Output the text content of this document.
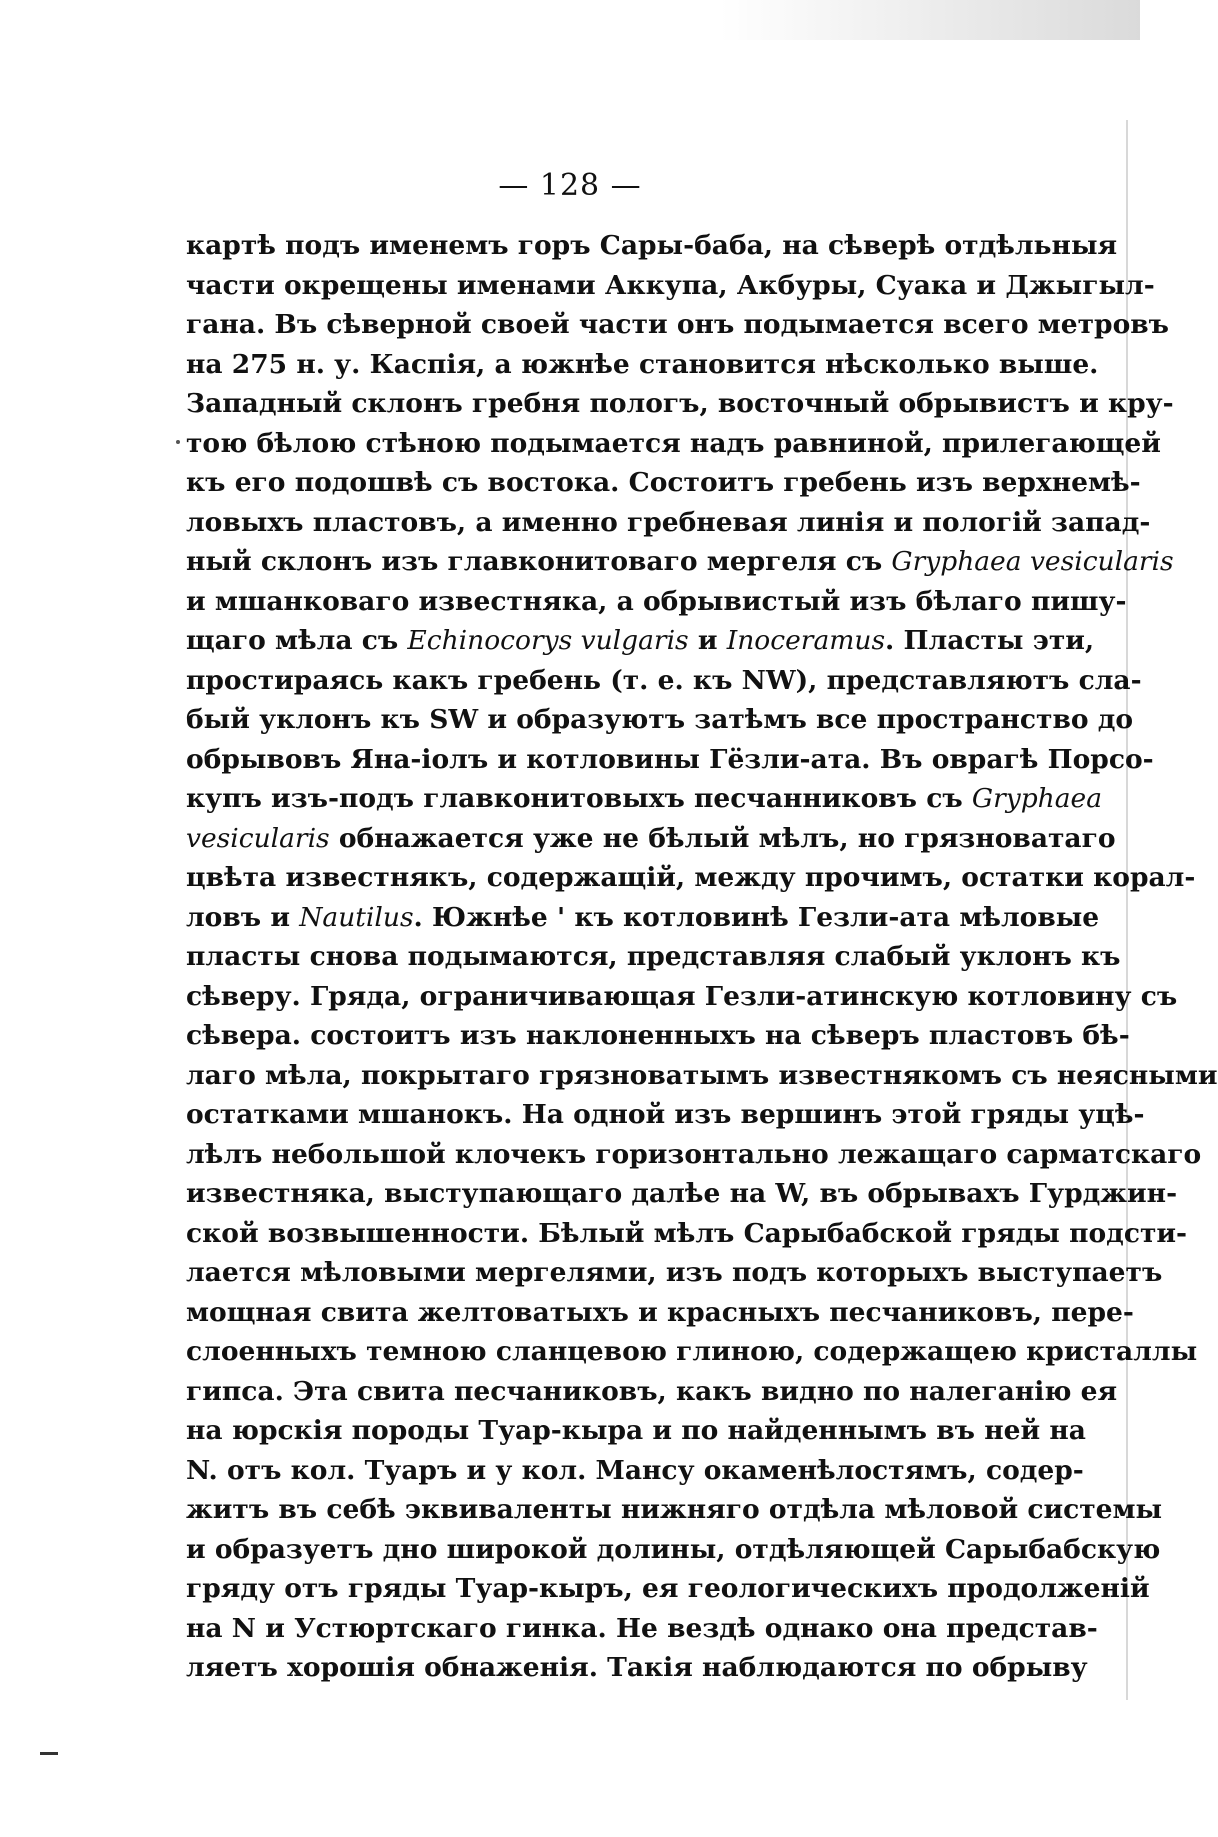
— 128 —
картѣ подъ именемъ горъ Сары-баба, на сѣверѣ отдѣльныя
части окрещены именами Аккупа, Акбуры, Суака и Джыгыл-
гана. Въ сѣверной своей части онъ подымается всего метровъ
на 275 н. у. Каспія, а южнѣе становится нѣсколько выше.
Западный склонъ гребня пологъ, восточный обрывистъ и кру-
тою бѣлою стѣною подымается надъ равниной, прилегающей
къ его подошвѣ съ востока. Состоитъ гребень изъ верхнемѣ-
ловыхъ пластовъ, а именно гребневая линія и пологій запад-
ный склонъ изъ главконитоваго мергеля съ Gryphaea vesicularis
и мшанковаго известняка, а обрывистый изъ бѣлаго пишу-
щаго мѣла съ Echinocorys vulgaris и Inoceramus. Пласты эти,
простираясь какъ гребень (т. е. къ NW), представляютъ сла-
бый уклонъ къ SW и образуютъ затѣмъ все пространство до
обрывовъ Яна-іолъ и котловины Гёзли-ата. Въ оврагѣ Порсо-
купъ изъ-подъ главконитовыхъ песчанниковъ съ Gryphaea
vesicularis обнажается уже не бѣлый мѣлъ, но грязноватаго
цвѣта известнякъ, содержащій, между прочимъ, остатки корал-
ловъ и Nautilus. Южнѣе ' къ котловинѣ Гезли-ата мѣловые
пласты снова подымаются, представляя слабый уклонъ къ
сѣверу. Гряда, ограничивающая Гезли-атинскую котловину съ
сѣвера. состоитъ изъ наклоненныхъ на сѣверъ пластовъ бѣ-
лаго мѣла, покрытаго грязноватымъ известнякомъ съ неясными
остатками мшанокъ. На одной изъ вершинъ этой гряды уцѣ-
лѣлъ небольшой клочекъ горизонтально лежащаго сарматскаго
известняка, выступающаго далѣе на W, въ обрывахъ Гурджин-
ской возвышенности. Бѣлый мѣлъ Сарыбабской гряды подсти-
лается мѣловыми мергелями, изъ подъ которыхъ выступаетъ
мощная свита желтоватыхъ и красныхъ песчаниковъ, пере-
слоенныхъ темною сланцевою глиною, содержащею кристаллы
гипса. Эта свита песчаниковъ, какъ видно по налеганію ея
на юрскія породы Туар-кыра и по найденнымъ въ ней на
N. отъ кол. Туаръ и у кол. Мансу окаменѣлостямъ, содер-
житъ въ себѣ эквиваленты нижняго отдѣла мѣловой системы
и образуетъ дно широкой долины, отдѣляющей Сарыбабскую
гряду отъ гряды Туар-кыръ, ея геологическихъ продолженій
на N и Устюртскаго гинка. Не вездѣ однако она представ-
ляетъ хорошія обнаженія. Такія наблюдаются по обрыву
